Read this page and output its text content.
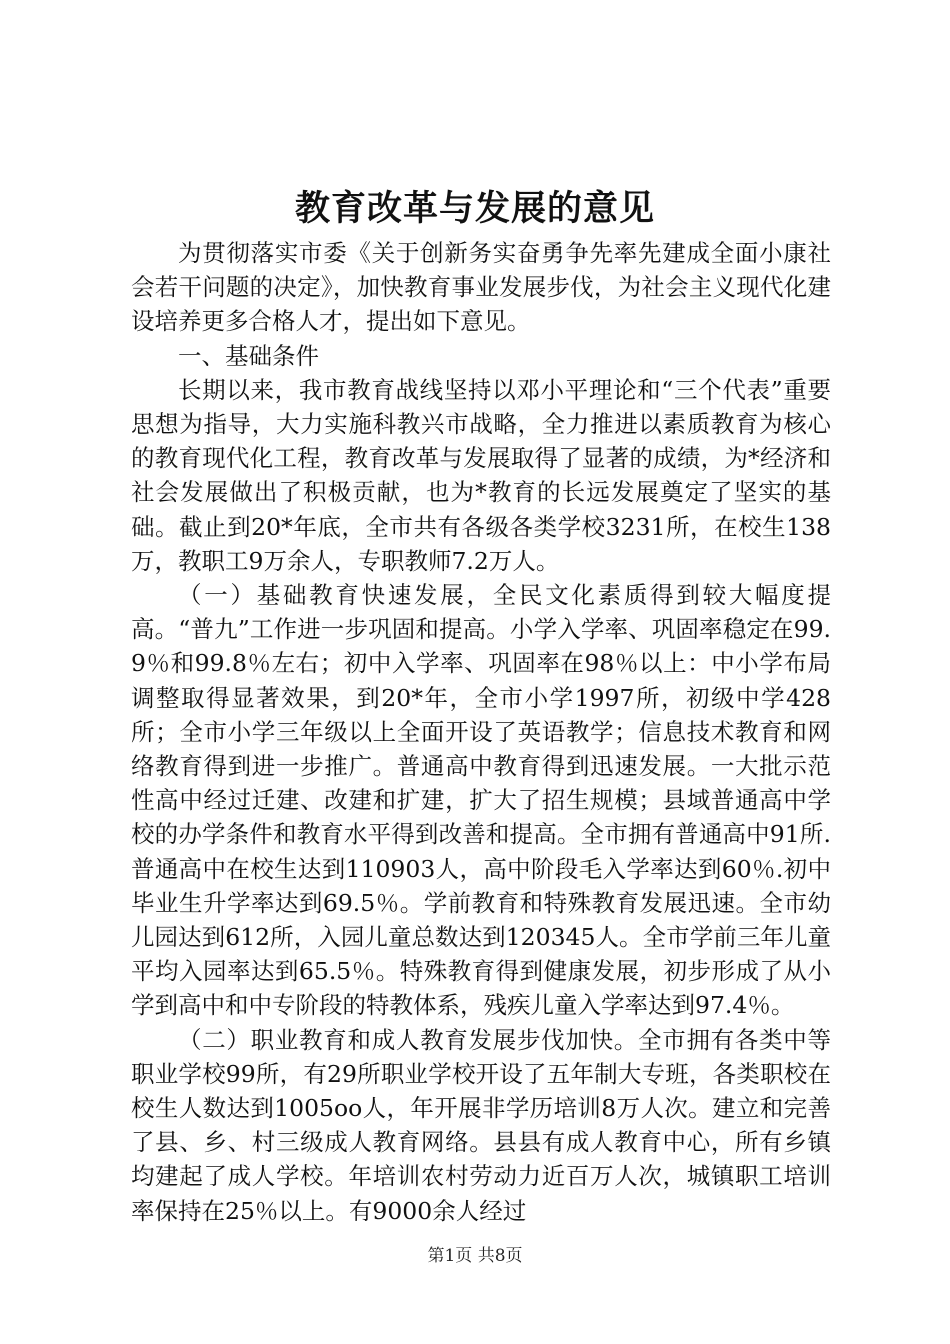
教育改革与发展的意见

为贯彻落实市委《关于创新务实奋勇争先率先建成全面小康社会若干问题的决定》，加快教育事业发展步伐，为社会主义现代化建设培养更多合格人才，提出如下意见。

一、基础条件

长期以来，我市教育战线坚持以邓小平理论和“三个代表”重要思想为指导，大力实施科教兴市战略，全力推进以素质教育为核心的教育现代化工程，教育改革与发展取得了显著的成绩，为*经济和社会发展做出了积极贡献，也为*教育的长远发展奠定了坚实的基础。截止到20*年底，全市共有各级各类学校3231所，在校生138万，教职工9万余人，专职教师7.2万人。

（一）基础教育快速发展，全民文化素质得到较大幅度提高。“普九”工作进一步巩固和提高。小学入学率、巩固率稳定在99.9％和99.8％左右；初中入学率、巩固率在98％以上：中小学布局调整取得显著效果，到20*年，全市小学1997所，初级中学428所；全市小学三年级以上全面开设了英语教学；信息技术教育和网络教育得到进一步推广。普通高中教育得到迅速发展。一大批示范性高中经过迁建、改建和扩建，扩大了招生规模；县域普通高中学校的办学条件和教育水平得到改善和提高。全市拥有普通高中91所.普通高中在校生达到110903人，高中阶段毛入学率达到60％.初中毕业生升学率达到69.5％。学前教育和特殊教育发展迅速。全市幼儿园达到612所，入园儿童总数达到120345人。全市学前三年儿童平均入园率达到65.5％。特殊教育得到健康发展，初步形成了从小学到高中和中专阶段的特教体系，残疾儿童入学率达到97.4％。

（二）职业教育和成人教育发展步伐加快。全市拥有各类中等职业学校99所，有29所职业学校开设了五年制大专班，各类职校在校生人数达到1005oo人，年开展非学历培训8万人次。建立和完善了县、乡、村三级成人教育网络。县县有成人教育中心，所有乡镇均建起了成人学校。年培训农村劳动力近百万人次，城镇职工培训率保持在25％以上。有9000余人经过

第1页 共8页
